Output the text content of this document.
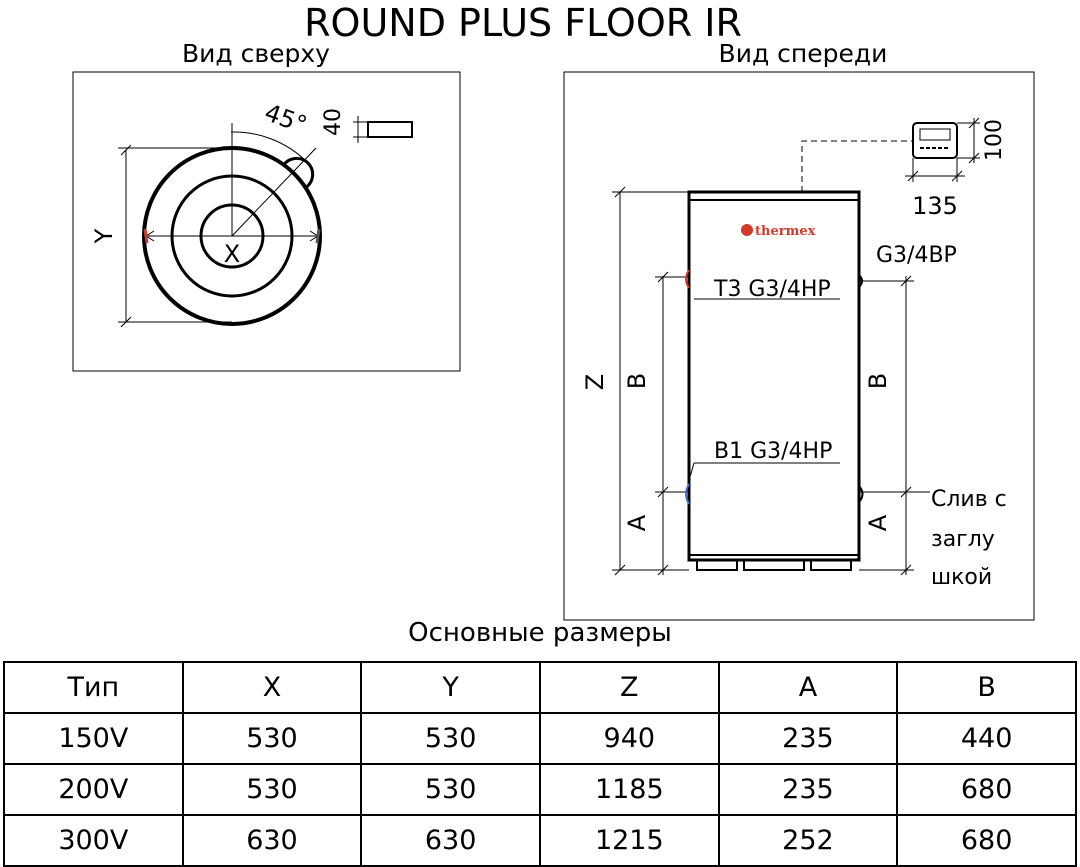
ROUND PLUS FLOOR IR
Вид сверху
45° 40
X
Y
Вид спереди
thermex
100
135
G3/4BP
T3 G3/4HP
B1 G3/4HP
Z B
A
B
A
Слив с
заглу
шкой
Основные размеры
Тип	X	Y	Z	A	B
150V	530	530	940	235	440
200V	530	530	1185	235	680
300V	630	630	1215	252	680
